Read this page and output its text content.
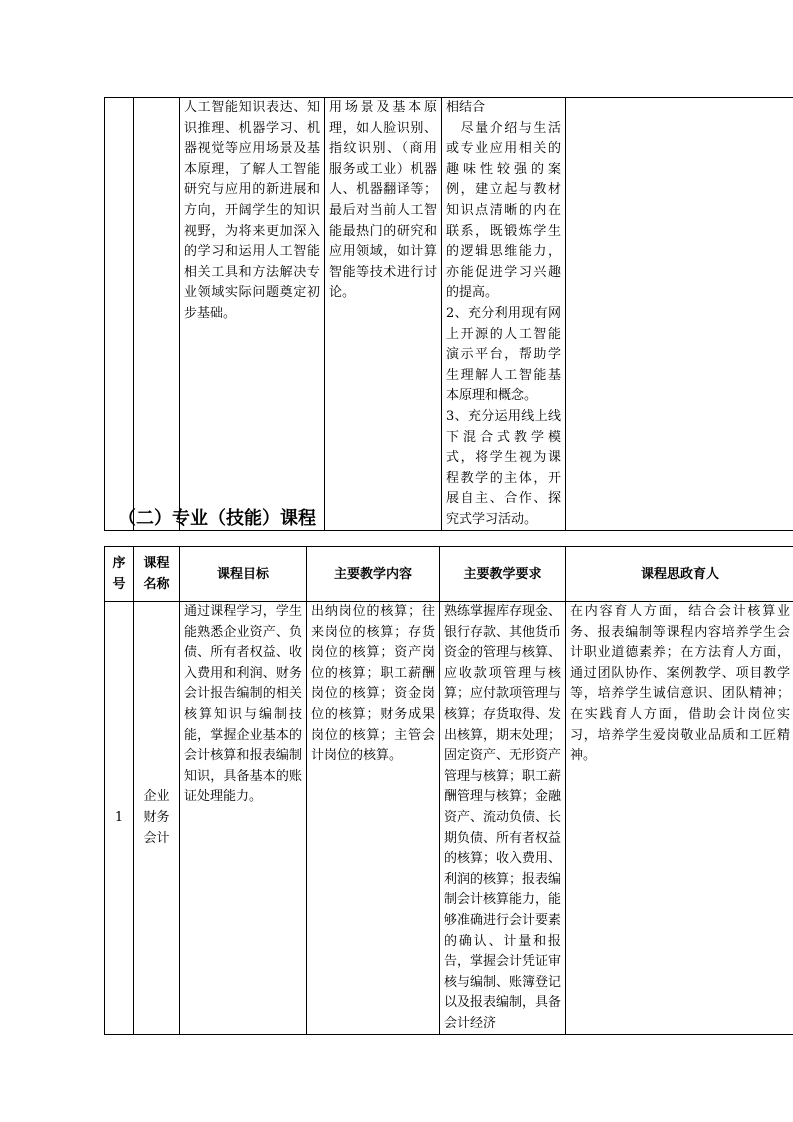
		人工智能知识表达、知识推理、机器学习、机器视觉等应用场景及基本原理，了解人工智能研究与应用的新进展和方向，开阔学生的知识视野，为将来更加深入的学习和运用人工智能相关工具和方法解决专业领域实际问题奠定初步基础。	用场景及基本原理，如人脸识别、指纹识别、（商用服务或工业）机器人、机器翻译等；最后对当前人工智能最热门的研究和应用领域，如计算智能等技术进行讨论。	相结合
　尽量介绍与生活或专业应用相关的趣味性较强的案例，建立起与教材知识点清晰的内在联系，既锻炼学生的逻辑思维能力，亦能促进学习兴趣的提高。
2、充分利用现有网上开源的人工智能演示平台，帮助学生理解人工智能基本原理和概念。
3、充分运用线上线下混合式教学模式，将学生视为课程教学的主体，开展自主、合作、探究式学习活动。	
（二）专业（技能）课程
序
号	课程
名称	课程目标	主要教学内容	主要教学要求	课程思政育人
1	企业
财务
会计	通过课程学习，学生能熟悉企业资产、负债、所有者权益、收入费用和利润、财务会计报告编制的相关核算知识与编制技能，掌握企业基本的会计核算和报表编制知识，具备基本的账证处理能力。	出纳岗位的核算；往来岗位的核算；存货岗位的核算；资产岗位的核算；职工薪酬岗位的核算；资金岗位的核算；财务成果岗位的核算；主管会计岗位的核算。	熟练掌握库存现金、银行存款、其他货币资金的管理与核算、应收款项管理与核算；应付款项管理与核算；存货取得、发出核算，期末处理；固定资产、无形资产管理与核算；职工薪酬管理与核算；金融资产、流动负债、长期负债、所有者权益的核算；收入费用、利润的核算；报表编制会计核算能力，能够准确进行会计要素的确认、计量和报告，掌握会计凭证审核与编制、账簿登记以及报表编制，具备会计经济	在内容育人方面，结合会计核算业务、报表编制等课程内容培养学生会计职业道德素养；在方法育人方面，通过团队协作、案例教学、项目教学等，培养学生诚信意识、团队精神；在实践育人方面，借助会计岗位实习，培养学生爱岗敬业品质和工匠精神。
